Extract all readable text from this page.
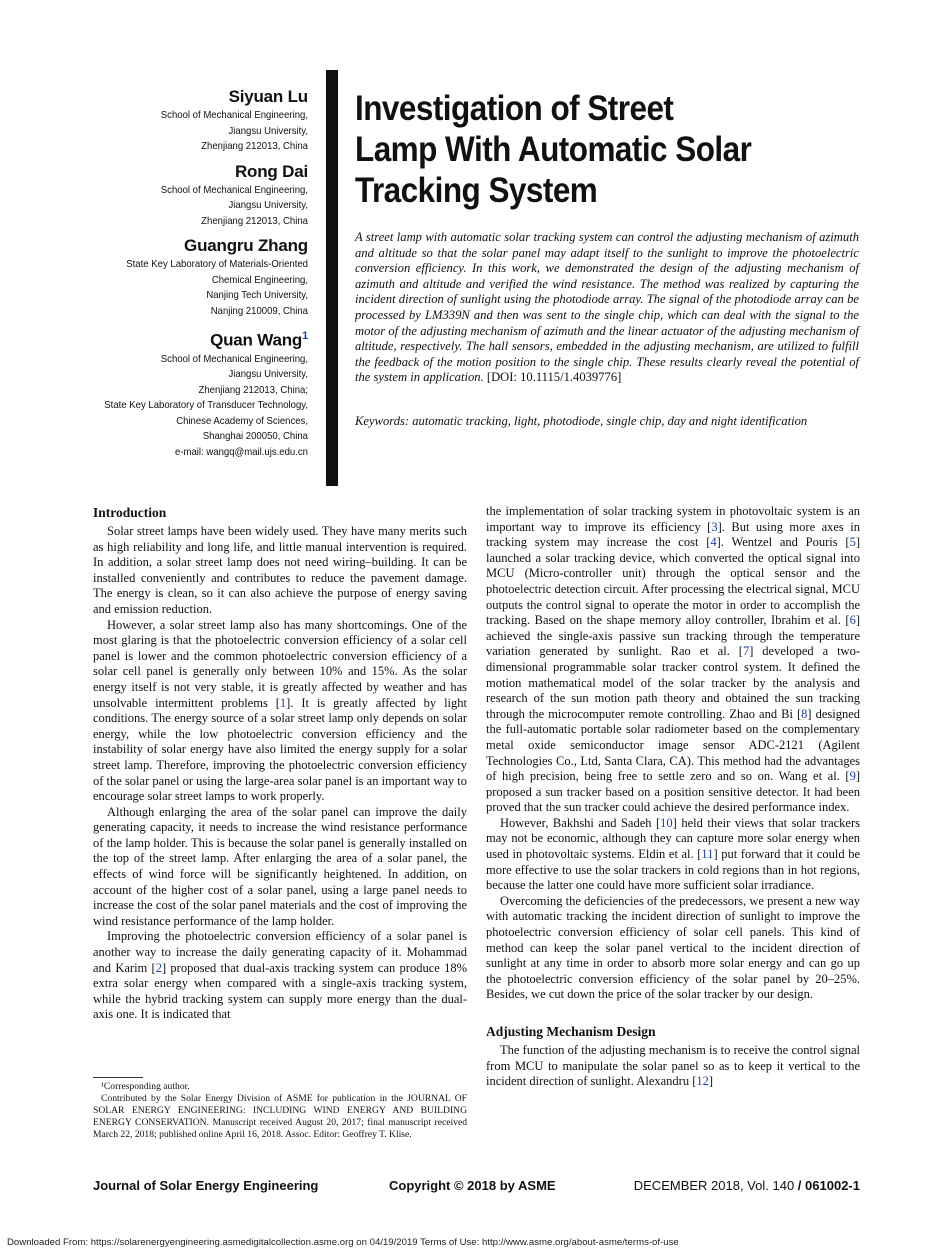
Siyuan Lu
School of Mechanical Engineering,
Jiangsu University,
Zhenjiang 212013, China
Rong Dai
School of Mechanical Engineering,
Jiangsu University,
Zhenjiang 212013, China
Guangru Zhang
State Key Laboratory of Materials-Oriented
Chemical Engineering,
Nanjing Tech University,
Nanjing 210009, China
Quan Wang$^1$
School of Mechanical Engineering,
Jiangsu University,
Zhenjiang 212013, China;
State Key Laboratory of Transducer Technology,
Chinese Academy of Sciences,
Shanghai 200050, China
e-mail: wangq@mail.ujs.edu.cn
Investigation of Street
Lamp With Automatic Solar
Tracking System
A street lamp with automatic solar tracking system can control the adjusting mechanism of azimuth and altitude so that the solar panel may adapt itself to the sunlight to improve the photoelectric conversion efficiency. In this work, we demonstrated the design of the adjusting mechanism of azimuth and altitude and verified the wind resistance. The method was realized by capturing the incident direction of sunlight using the photodiode array. The signal of the photodiode array can be processed by LM339N and then was sent to the single chip, which can deal with the signal to the motor of the adjusting mechanism of azimuth and the linear actuator of the adjusting mechanism of altitude, respectively. The hall sensors, embedded in the adjusting mechanism, are utilized to fulfill the feedback of the motion position to the single chip. These results clearly reveal the potential of the system in application. [DOI: 10.1115/1.4039776]
Keywords: automatic tracking, light, photodiode, single chip, day and night identification
Introduction

Solar street lamps have been widely used. They have many merits such as high reliability and long life, and little manual intervention is required. In addition, a solar street lamp does not need wiring–building. It can be installed conveniently and contributes to reduce the pavement damage. The energy is clean, so it can also achieve the purpose of energy saving and emission reduction.

However, a solar street lamp also has many shortcomings. One of the most glaring is that the photoelectric conversion efficiency of a solar cell panel is lower and the common photoelectric conversion efficiency of a solar cell panel is generally only between 10% and 15%. As the solar energy itself is not very stable, it is greatly affected by weather and has unsolvable intermittent problems [1]. It is greatly affected by light conditions. The energy source of a solar street lamp only depends on solar energy, while the low photoelectric conversion efficiency and the instability of solar energy have also limited the energy supply for a solar street lamp. Therefore, improving the photoelectric conversion efficiency of the solar panel or using the large-area solar panel is an important way to encourage solar street lamps to work properly.

Although enlarging the area of the solar panel can improve the daily generating capacity, it needs to increase the wind resistance performance of the lamp holder. This is because the solar panel is generally installed on the top of the street lamp. After enlarging the area of a solar panel, the effects of wind force will be significantly heightened. In addition, on account of the higher cost of a solar panel, using a large panel needs to increase the cost of the solar panel materials and the cost of improving the wind resistance performance of the lamp holder.

Improving the photoelectric conversion efficiency of a solar panel is another way to increase the daily generating capacity of it. Mohammad and Karim [2] proposed that dual-axis tracking system can produce 18% extra solar energy when compared with a single-axis tracking system, while the hybrid tracking system can supply more energy than the dual-axis one. It is indicated that

the implementation of solar tracking system in photovoltaic system is an important way to improve its efficiency [3]. But using more axes in tracking system may increase the cost [4]. Wentzel and Pouris [5] launched a solar tracking device, which converted the optical signal into MCU (Micro-controller unit) through the optical sensor and the photoelectric detection circuit. After processing the electrical signal, MCU outputs the control signal to operate the motor in order to accomplish the tracking. Based on the shape memory alloy controller, Ibrahim et al. [6] achieved the single-axis passive sun tracking through the temperature variation generated by sunlight. Rao et al. [7] developed a two-dimensional programmable solar tracker control system. It defined the motion mathematical model of the solar tracker by the analysis and research of the sun motion path theory and obtained the sun tracking through the microcomputer remote controlling. Zhao and Bi [8] designed the full-automatic portable solar radiometer based on the complementary metal oxide semiconductor image sensor ADC-2121 (Agilent Technologies Co., Ltd, Santa Clara, CA). This method had the advantages of high precision, being free to settle zero and so on. Wang et al. [9] proposed a sun tracker based on a position sensitive detector. It had been proved that the sun tracker could achieve the desired performance index.

However, Bakhshi and Sadeh [10] held their views that solar trackers may not be economic, although they can capture more solar energy when used in photovoltaic systems. Eldin et al. [11] put forward that it could be more effective to use the solar trackers in cold regions than in hot regions, because the latter one could have more sufficient solar irradiance.

Overcoming the deficiencies of the predecessors, we present a new way with automatic tracking the incident direction of sunlight to improve the photoelectric conversion efficiency of solar cell panels. This kind of method can keep the solar panel vertical to the incident direction of sunlight at any time in order to absorb more solar energy and can go up the photoelectric conversion efficiency of the solar panel by 20–25%. Besides, we cut down the price of the solar tracker by our design.

Adjusting Mechanism Design

The function of the adjusting mechanism is to receive the control signal from MCU to manipulate the solar panel so as to keep it vertical to the incident direction of sunlight. Alexandru [12]

¹Corresponding author.

Contributed by the Solar Energy Division of ASME for publication in the JOURNAL OF SOLAR ENERGY ENGINEERING: INCLUDING WIND ENERGY AND BUILDING ENERGY CONSERVATION. Manuscript received August 20, 2017; final manuscript received March 22, 2018; published online April 16, 2018. Assoc. Editor: Geoffrey T. Klise.

Journal of Solar Energy Engineering	Copyright © 2018 by ASME	DECEMBER 2018, Vol. 140 / 061002-1
Downloaded From: https://solarenergyengineering.asmedigitalcollection.asme.org on 04/19/2019 Terms of Use: http://www.asme.org/about-asme/terms-of-use
